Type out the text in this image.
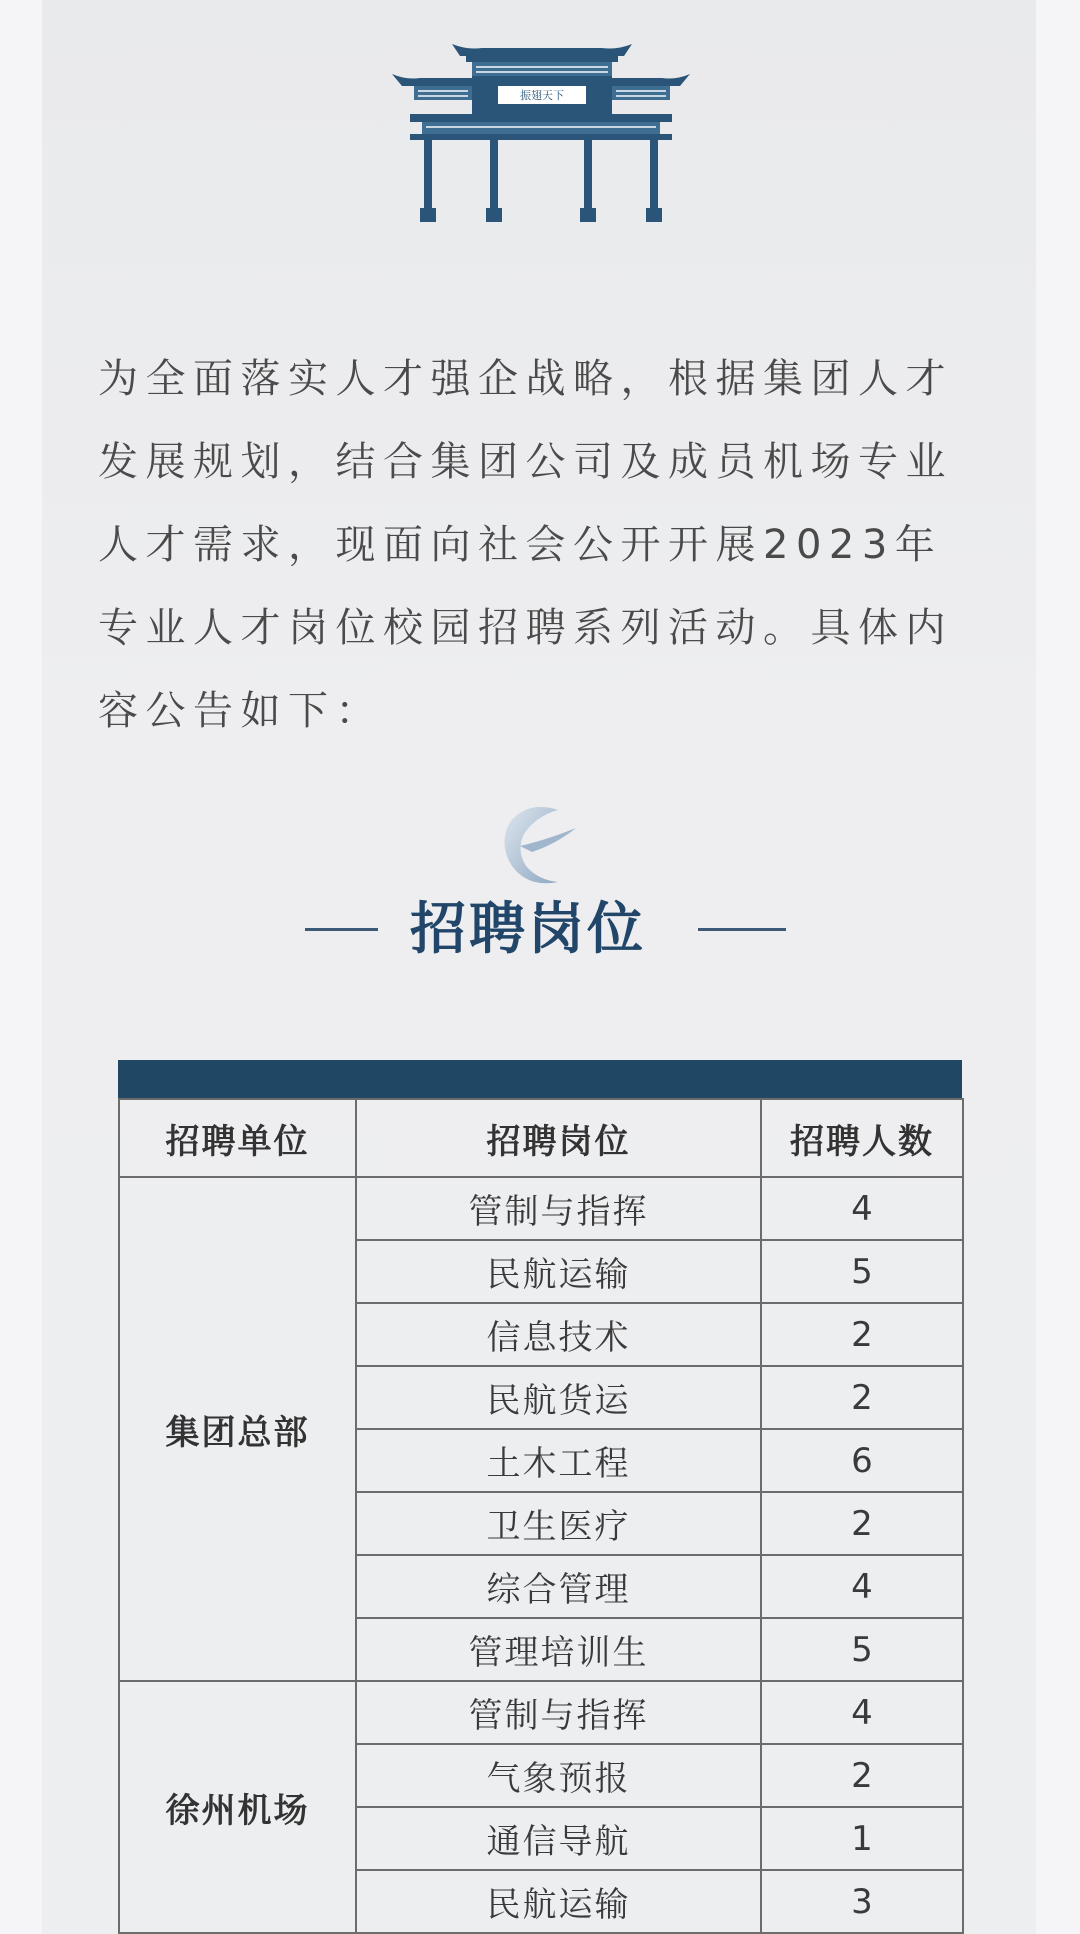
振翅天下

为全面落实人才强企战略，根据集团人才发展规划，结合集团公司及成员机场专业人才需求，现面向社会公开开展2023年专业人才岗位校园招聘系列活动。具体内容公告如下：

招聘岗位
招聘单位	招聘岗位	招聘人数
集团总部	管制与指挥	4
	民航运输	5
	信息技术	2
	民航货运	2
	土木工程	6
	卫生医疗	2
	综合管理	4
	管理培训生	5
徐州机场	管制与指挥	4
	气象预报	2
	通信导航	1
	民航运输	3
